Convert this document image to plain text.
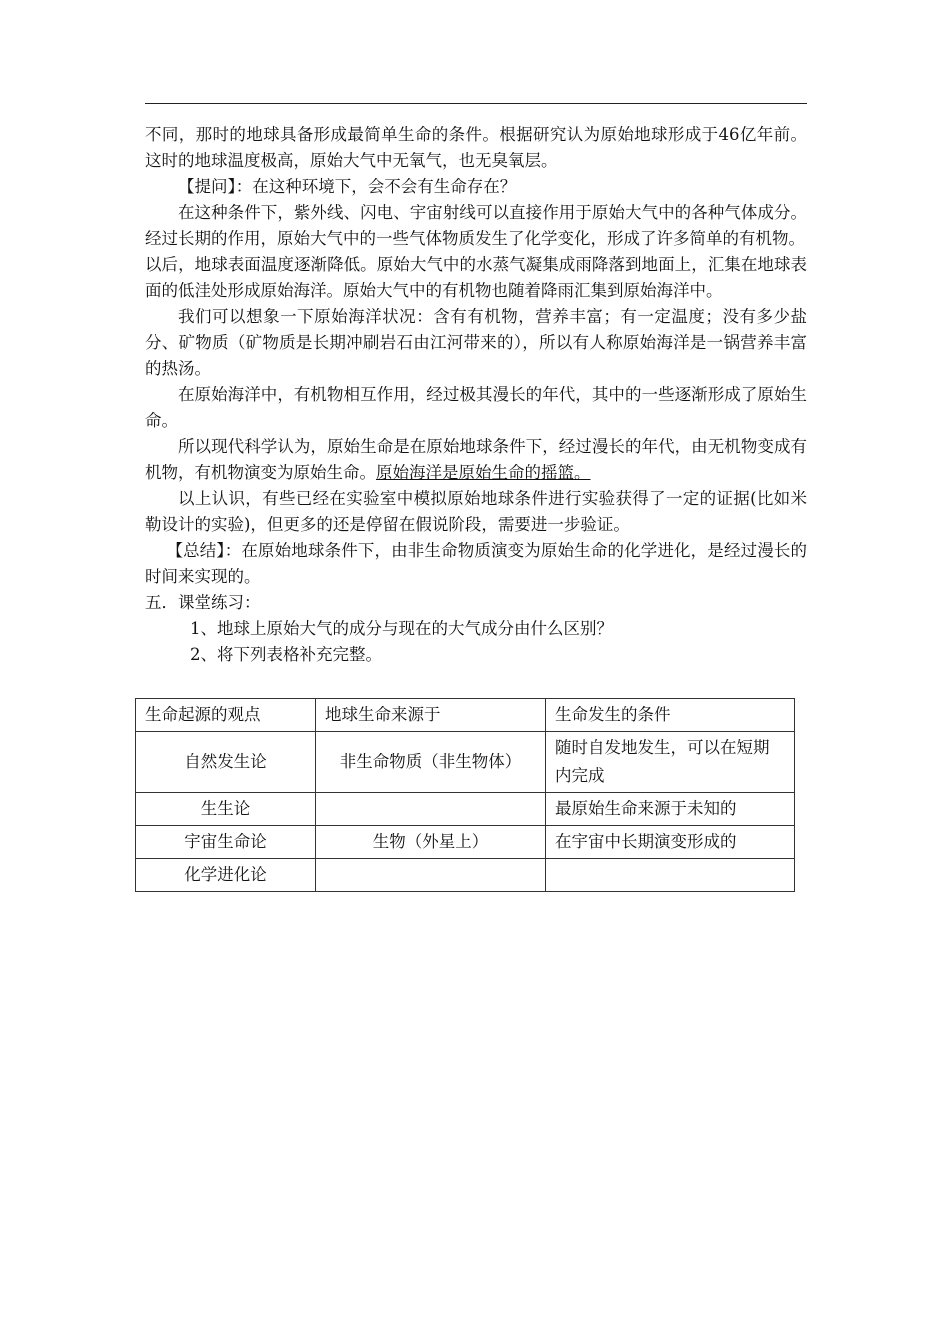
不同，那时的地球具备形成最简单生命的条件。根据研究认为原始地球形成于46亿年前。这时的地球温度极高，原始大气中无氧气，也无臭氧层。

【提问】：在这种环境下，会不会有生命存在？

在这种条件下，紫外线、闪电、宇宙射线可以直接作用于原始大气中的各种气体成分。经过长期的作用，原始大气中的一些气体物质发生了化学变化，形成了许多简单的有机物。

以后，地球表面温度逐渐降低。原始大气中的水蒸气凝集成雨降落到地面上，汇集在地球表面的低洼处形成原始海洋。原始大气中的有机物也随着降雨汇集到原始海洋中。

我们可以想象一下原始海洋状况：含有有机物，营养丰富；有一定温度；没有多少盐分、矿物质（矿物质是长期冲刷岩石由江河带来的），所以有人称原始海洋是一锅营养丰富的热汤。

在原始海洋中，有机物相互作用，经过极其漫长的年代，其中的一些逐渐形成了原始生命。

所以现代科学认为，原始生命是在原始地球条件下，经过漫长的年代，由无机物变成有机物，有机物演变为原始生命。原始海洋是原始生命的摇篮。

以上认识，有些已经在实验室中模拟原始地球条件进行实验获得了一定的证据(比如米勒设计的实验)，但更多的还是停留在假说阶段，需要进一步验证。

【总结】：在原始地球条件下，由非生命物质演变为原始生命的化学进化，是经过漫长的时间来实现的。

五．课堂练习：

1、地球上原始大气的成分与现在的大气成分由什么区别？

2、将下列表格补充完整。

生命起源的观点	地球生命来源于	生命发生的条件
自然发生论	非生命物质（非生物体）	随时自发地发生，可以在短期内完成
生生论		最原始生命来源于未知的
宇宙生命论	生物（外星上）	在宇宙中长期演变形成的
化学进化论		
